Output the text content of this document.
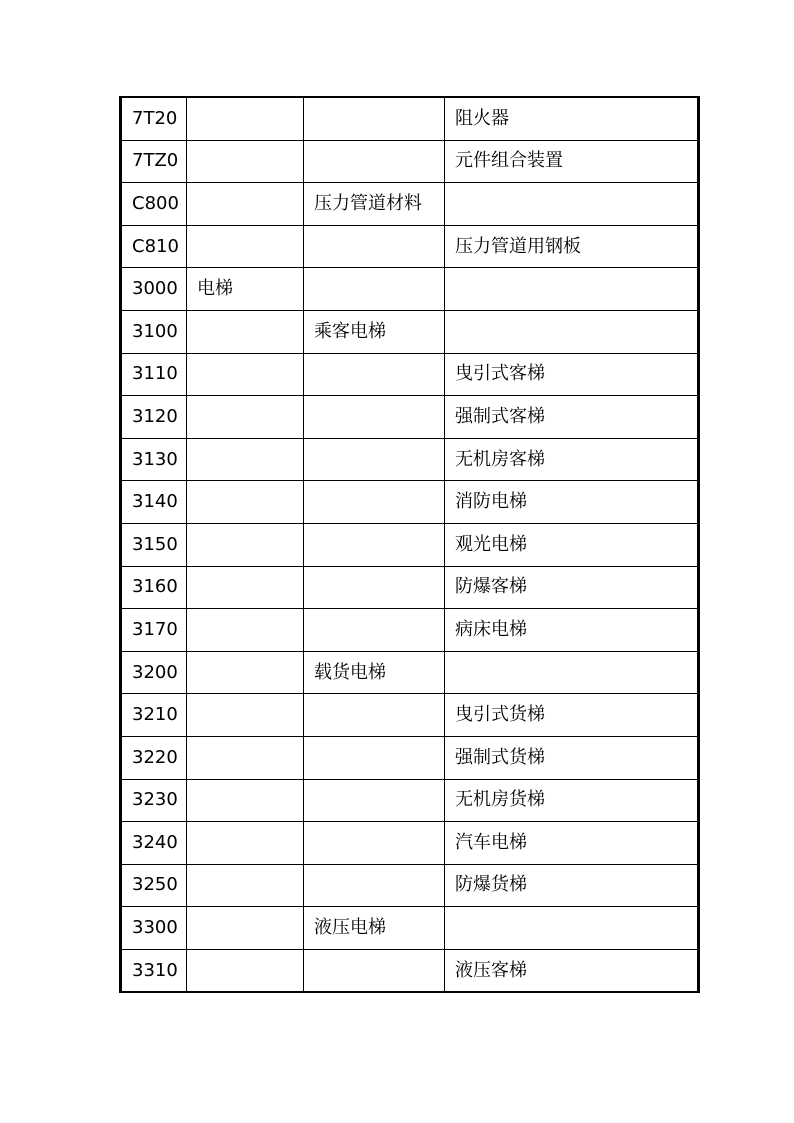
7T20			阻火器
7TZ0			元件组合装置
C800		压力管道材料	
C810			压力管道用钢板
3000	电梯		
3100		乘客电梯	
3110			曳引式客梯
3120			强制式客梯
3130			无机房客梯
3140			消防电梯
3150			观光电梯
3160			防爆客梯
3170			病床电梯
3200		载货电梯	
3210			曳引式货梯
3220			强制式货梯
3230			无机房货梯
3240			汽车电梯
3250			防爆货梯
3300		液压电梯	
3310			液压客梯
